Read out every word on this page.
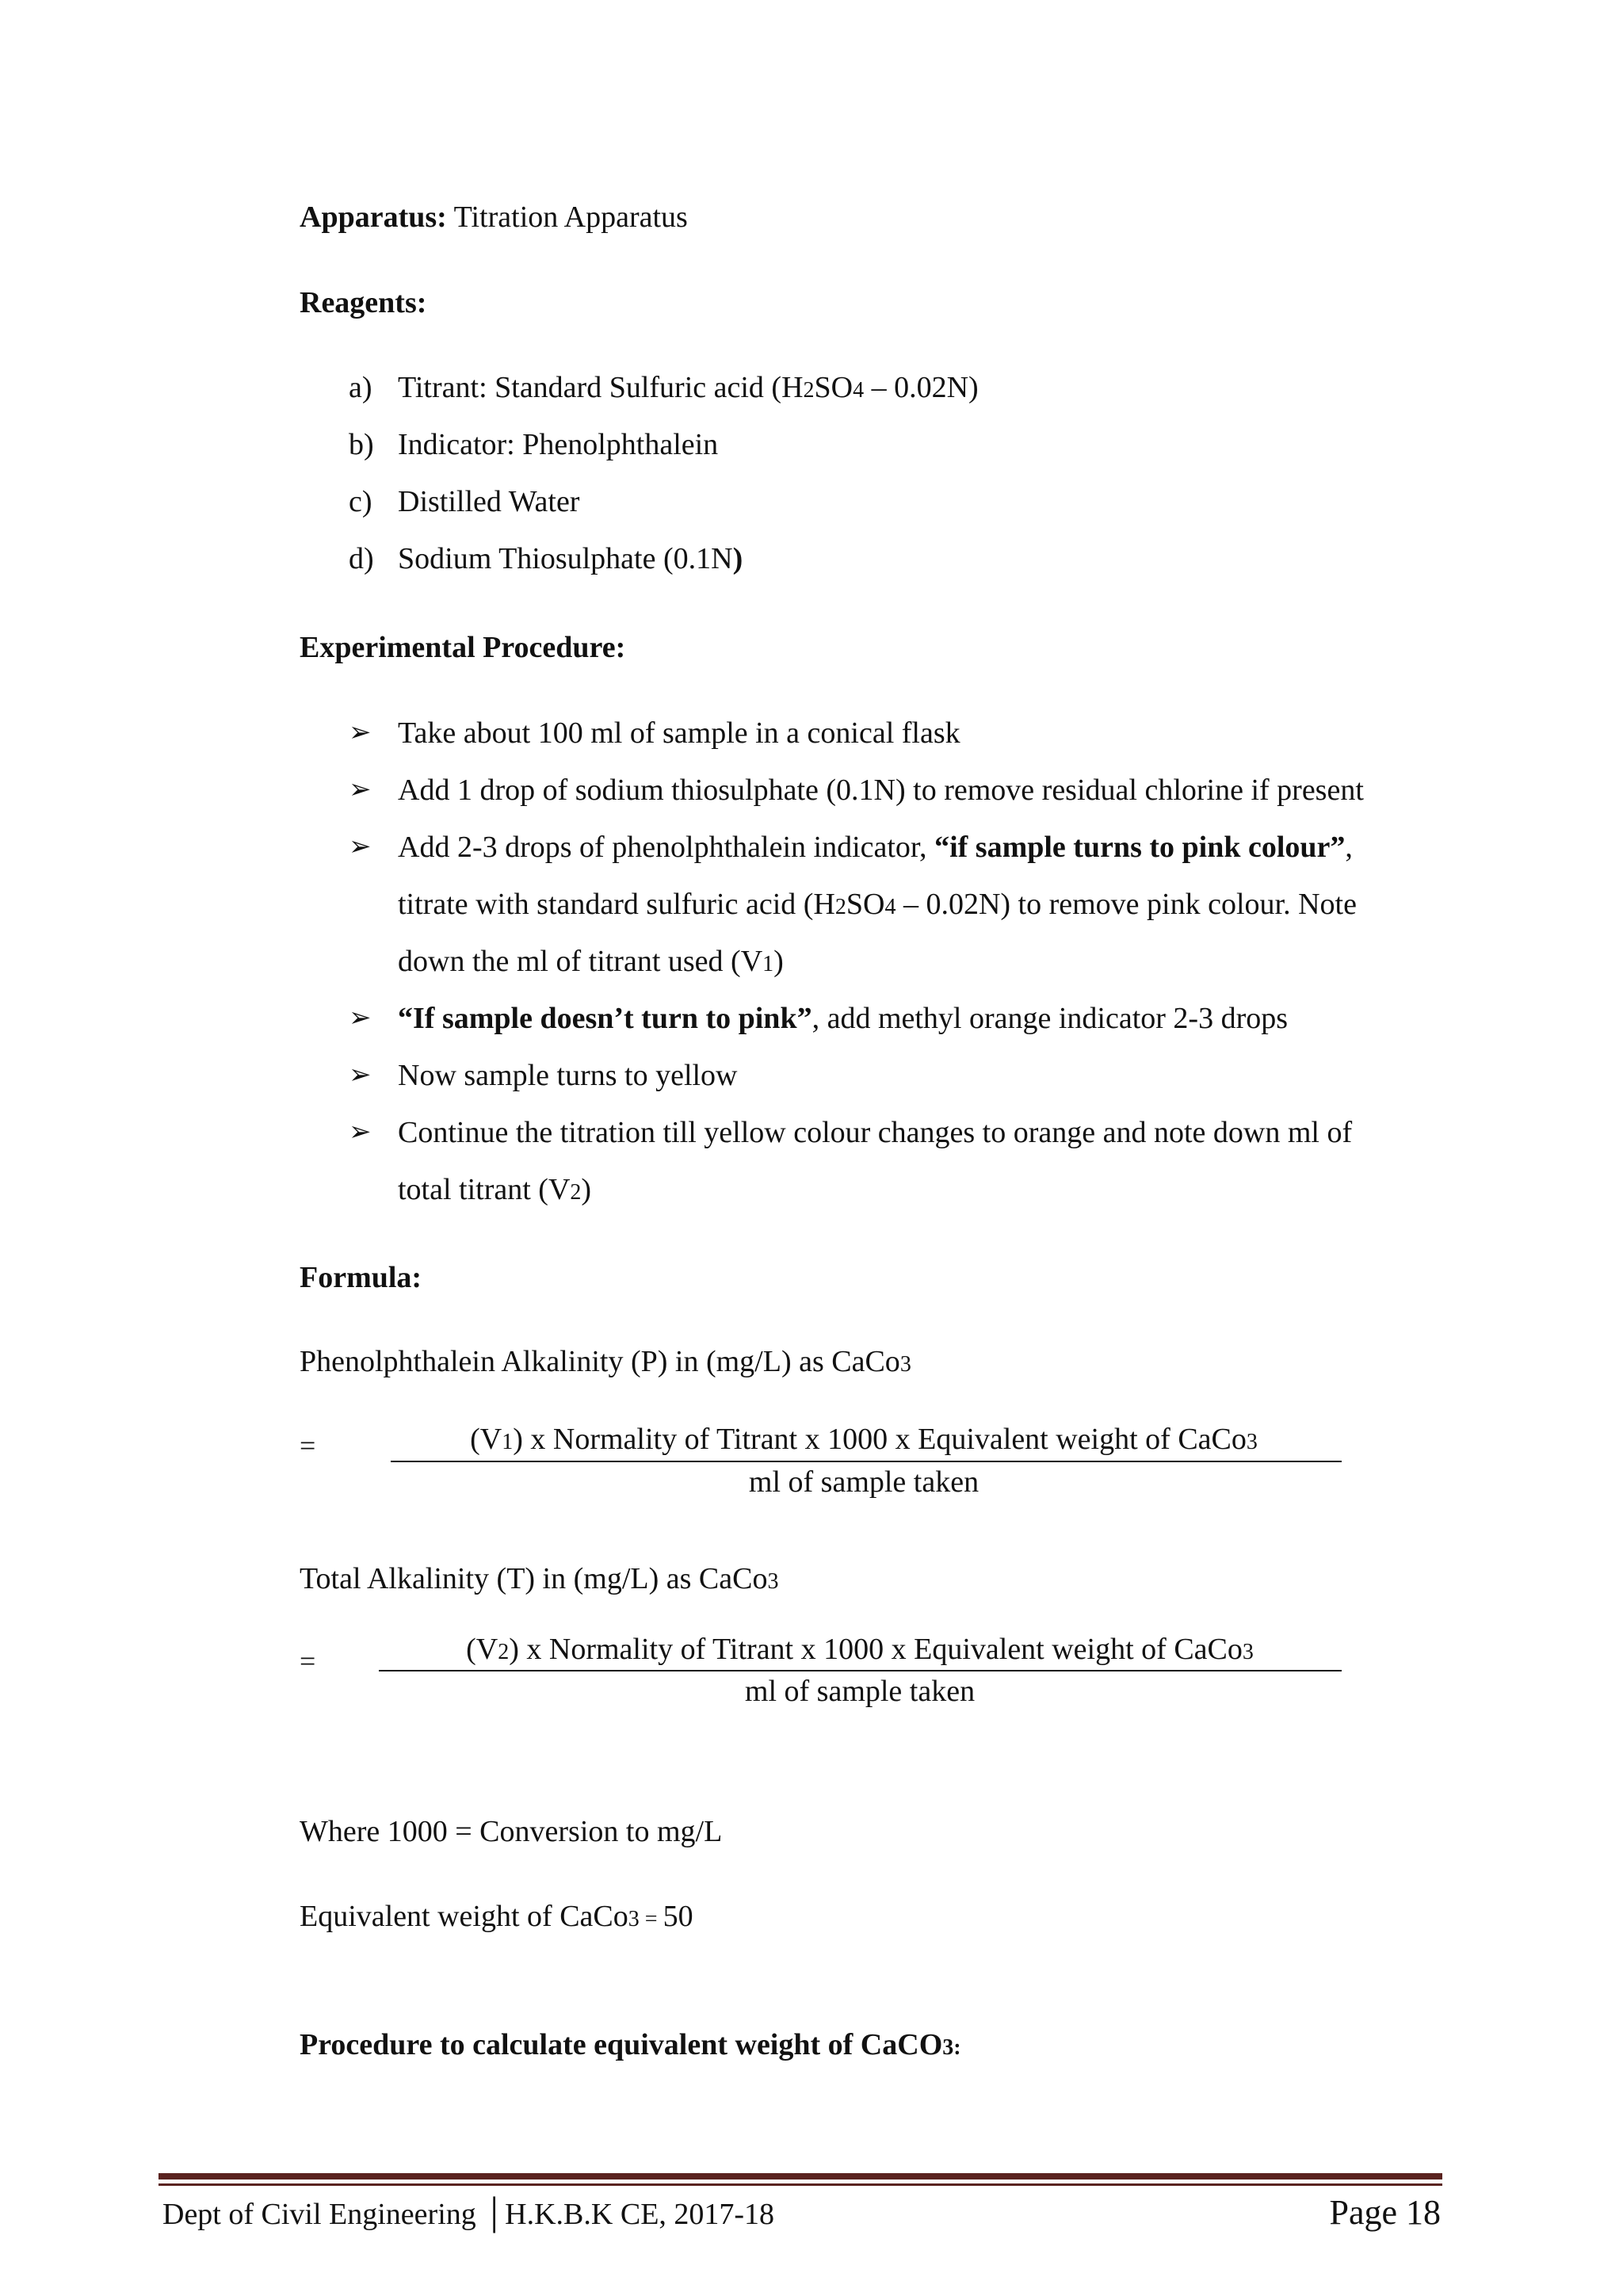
Apparatus: Titration Apparatus
Reagents:
a) Titrant: Standard Sulfuric acid (H2SO4 – 0.02N)
b) Indicator: Phenolphthalein
c) Distilled Water
d) Sodium Thiosulphate (0.1N)
Experimental Procedure:
➢ Take about 100 ml of sample in a conical flask
➢ Add 1 drop of sodium thiosulphate (0.1N) to remove residual chlorine if present
➢ Add 2-3 drops of phenolphthalein indicator, “if sample turns to pink colour”,
titrate with standard sulfuric acid (H2SO4 – 0.02N) to remove pink colour. Note
down the ml of titrant used (V1)
➢ “If sample doesn’t turn to pink”, add methyl orange indicator 2-3 drops
➢ Now sample turns to yellow
➢ Continue the titration till yellow colour changes to orange and note down ml of
total titrant (V2)
Formula:
Phenolphthalein Alkalinity (P) in (mg/L) as CaCo3
=	(V1) x Normality of Titrant x 1000 x Equivalent weight of CaCo3
ml of sample taken
Total Alkalinity (T) in (mg/L) as CaCo3
=	(V2) x Normality of Titrant x 1000 x Equivalent weight of CaCo3
ml of sample taken
Where 1000 = Conversion to mg/L
Equivalent weight of CaCo3 = 50
Procedure to calculate equivalent weight of CaCO3:
Dept of Civil Engineering │H.K.B.K CE, 2017-18	Page 18
